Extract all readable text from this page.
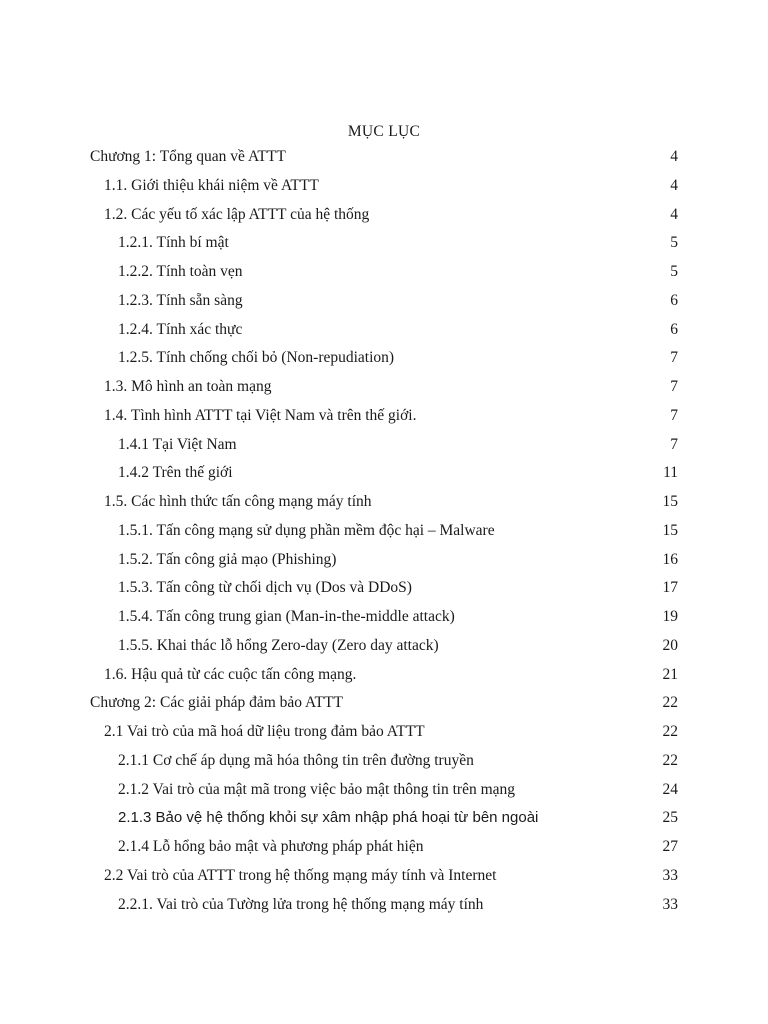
MỤC LỤC
Chương 1: Tổng quan về ATTT	4
1.1. Giới thiệu khái niệm về ATTT	4
1.2. Các yếu tố xác lập ATTT của hệ thống	4
1.2.1. Tính bí mật	5
1.2.2. Tính toàn vẹn	5
1.2.3. Tính sẵn sàng	6
1.2.4. Tính xác thực	6
1.2.5. Tính chống chối bỏ (Non-repudiation)	7
1.3. Mô hình an toàn mạng	7
1.4. Tình hình ATTT tại Việt Nam và trên thế giới.	7
1.4.1 Tại Việt Nam	7
1.4.2 Trên thế giới	11
1.5. Các hình thức tấn công mạng máy tính	15
1.5.1. Tấn công mạng sử dụng phần mềm độc hại – Malware	15
1.5.2. Tấn công giả mạo (Phishing)	16
1.5.3. Tấn công từ chối dịch vụ (Dos và DDoS)	17
1.5.4. Tấn công trung gian (Man-in-the-middle attack)	19
1.5.5. Khai thác lỗ hổng Zero-day (Zero day attack)	20
1.6. Hậu quả từ các cuộc tấn công mạng.	21
Chương 2: Các giải pháp đảm bảo ATTT	22
2.1 Vai trò của mã hoá dữ liệu trong đảm bảo ATTT	22
2.1.1 Cơ chế áp dụng mã hóa thông tin trên đường truyền	22
2.1.2 Vai trò của mật mã trong việc bảo mật thông tin trên mạng	24
2.1.3 Bảo vệ hệ thống khỏi sự xâm nhập phá hoại từ bên ngoài	25
2.1.4 Lỗ hổng bảo mật và phương pháp phát hiện	27
2.2 Vai trò của ATTT trong hệ thống mạng máy tính và Internet	33
2.2.1. Vai trò của Tường lửa trong hệ thống mạng máy tính	33
